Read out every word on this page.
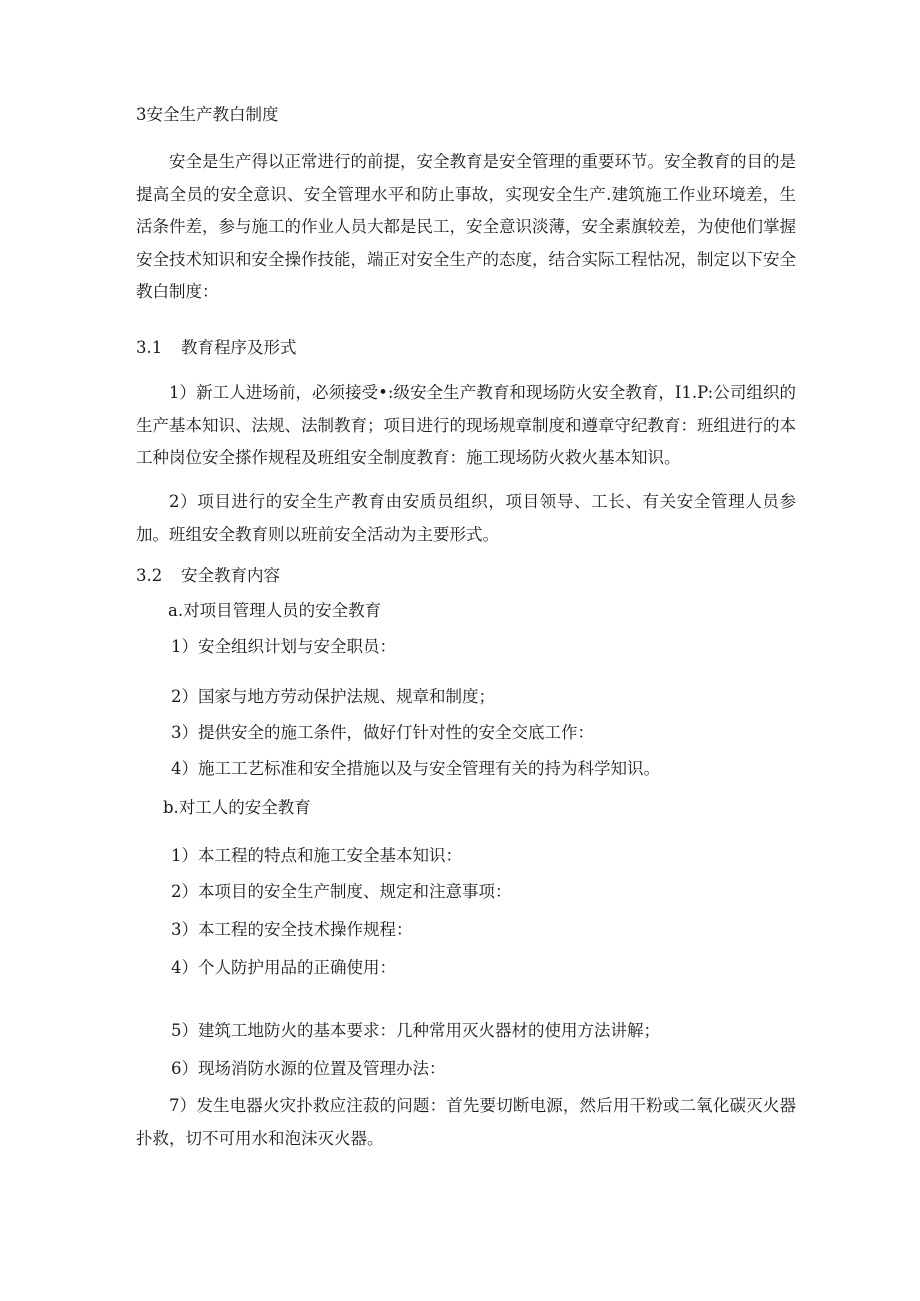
3安全生产教白制度

安全是生产得以正常进行的前提，安全教育是安全管理的重要环节。安全教育的目的是提高全员的安全意识、安全管理水平和防止事故，实现安全生产.建筑施工作业环境差，生活条件差，参与施工的作业人员大都是民工，安全意识淡薄，安全素旗较差，为使他们掌握安全技术知识和安全操作技能，端正对安全生产的态度，结合实际工程怙况，制定以下安全教白制度：

3.1 教育程序及形式

1）新工人进场前，必须接受•:级安全生产教育和现场防火安全教育，I1.P:公司组织的生产基本知识、法规、法制教育；项目进行的现场规章制度和遵章守纪教育：班组进行的本工种岗位安全搽作规程及班组安全制度教育：施工现场防火救火基本知识。

2）项目进行的安全生产教育由安质员组织，项目领导、工长、有关安全管理人员参加。班组安全教育则以班前安全活动为主要形式。

3.2 安全教育内容

a.对项目管理人员的安全教育

1）安全组织计划与安全职员：

2）国家与地方劳动保护法规、规章和制度；

3）提供安全的施工条件，做好仃针对性的安全交底工作：

4）施工工艺标准和安全措施以及与安全管理有关的持为科学知识。

b.对工人的安全教育

1）本工程的特点和施工安全基本知识：

2）本项目的安全生产制度、规定和注意事项：

3）本工程的安全技术操作规程：

4）个人防护用品的正确使用：

5）建筑工地防火的基本要求：几种常用灭火器材的使用方法讲解；

6）现场消防水源的位置及管理办法：

7）发生电器火灾扑救应注菽的问题：首先要切断电源，然后用干粉或二氧化碳灭火器扑救，切不可用水和泡沫灭火器。
